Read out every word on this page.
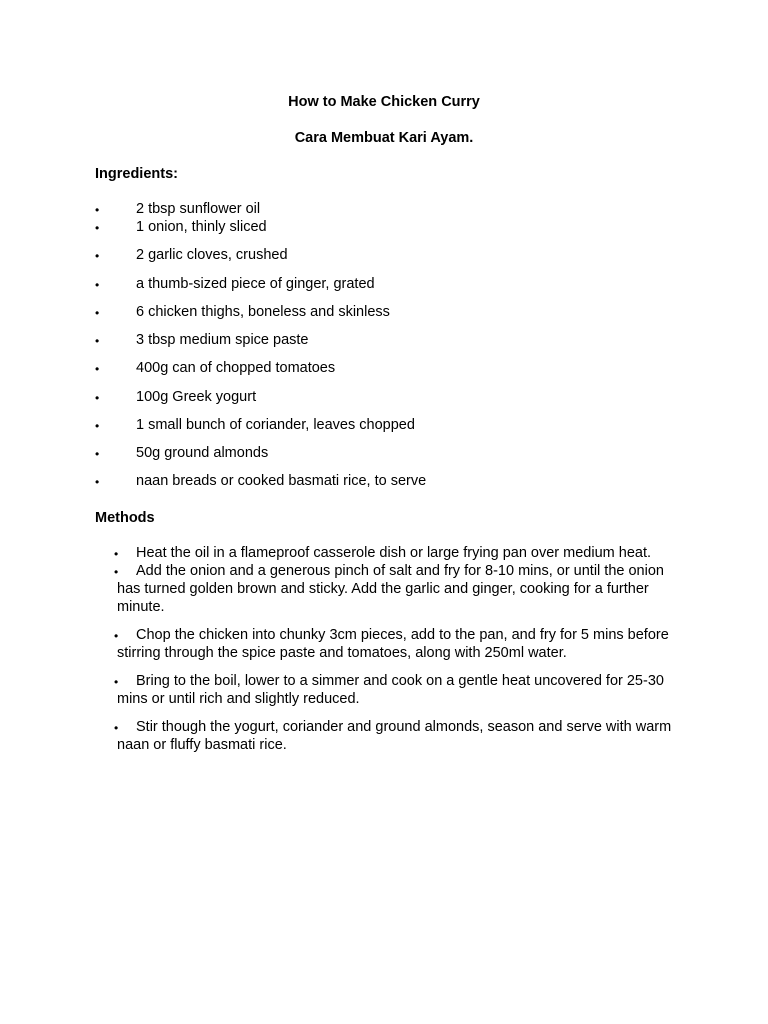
How to Make Chicken Curry
Cara Membuat Kari Ayam.
Ingredients:
•	2 tbsp sunflower oil
•	1 onion, thinly sliced
•	2 garlic cloves, crushed
•	a thumb-sized piece of ginger, grated
•	6 chicken thighs, boneless and skinless
•	3 tbsp medium spice paste
•	400g can of chopped tomatoes
•	100g Greek yogurt
•	1 small bunch of coriander, leaves chopped
•	50g ground almonds
•	naan breads or cooked basmati rice, to serve
Methods
• Heat the oil in a flameproof casserole dish or large frying pan over medium heat.
• Add the onion and a generous pinch of salt and fry for 8-10 mins, or until the onion has turned golden brown and sticky. Add the garlic and ginger, cooking for a further minute.
• Chop the chicken into chunky 3cm pieces, add to the pan, and fry for 5 mins before stirring through the spice paste and tomatoes, along with 250ml water.
• Bring to the boil, lower to a simmer and cook on a gentle heat uncovered for 25-30 mins or until rich and slightly reduced.
• Stir though the yogurt, coriander and ground almonds, season and serve with warm naan or fluffy basmati rice.
